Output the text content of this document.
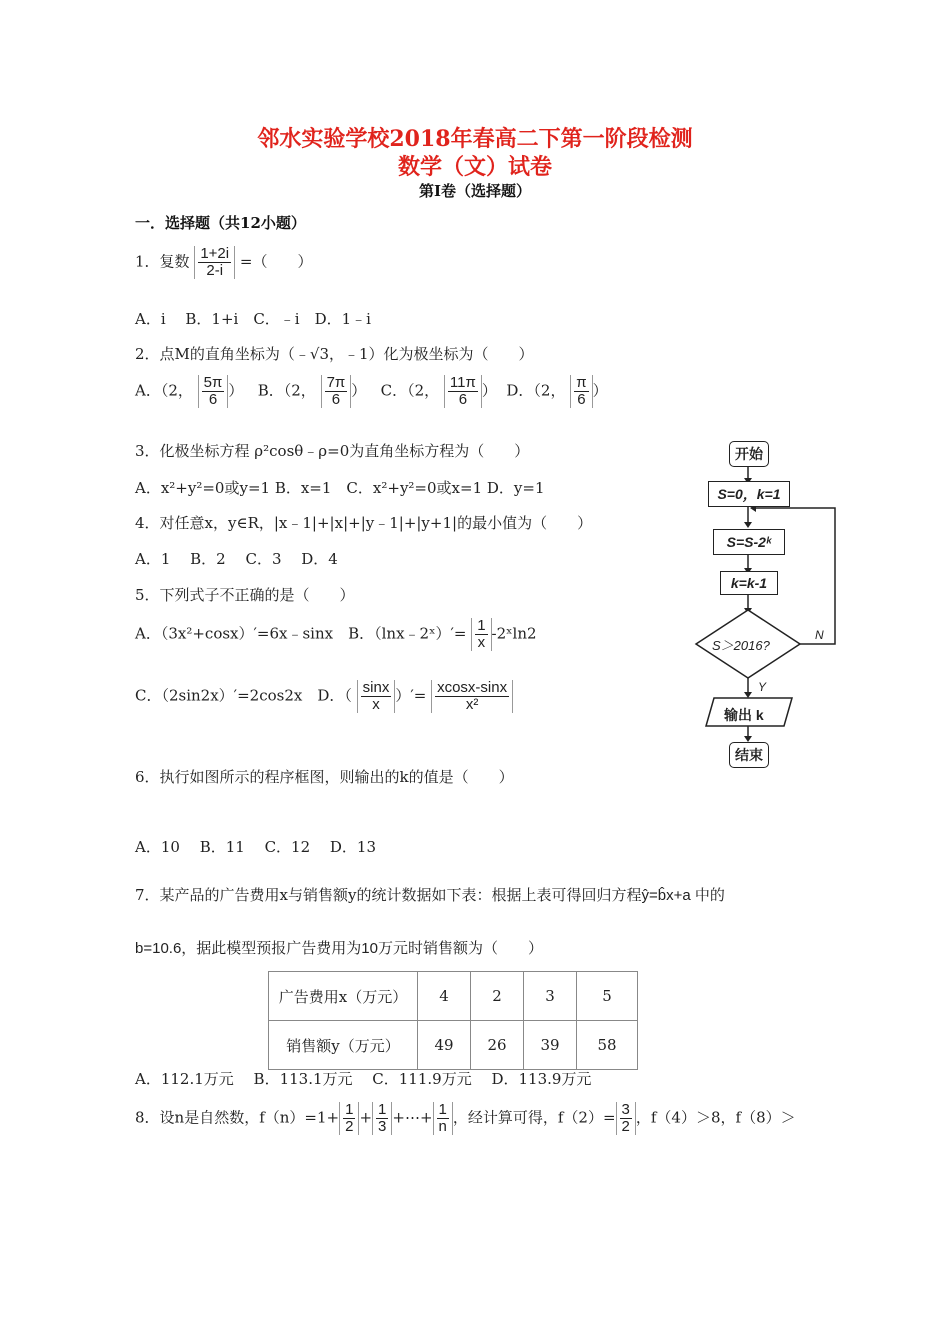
邻水实验学校2018年春高二下第一阶段检测
数学（文）试卷
第Ⅰ卷（选择题）
一．选择题（共12小题）
1．复数 $\frac{1+2i}{2-i}$ =（　　）
A．i　 B．1+i　C．﹣i　D．1﹣i
2．点M的直角坐标为（﹣√3，﹣1）化为极坐标为（　　）
A．（2， $\frac{5\pi}{6}$ ） B．（2， $\frac{7\pi}{6}$ ） C．（2， $\frac{11\pi}{6}$ ） D．（2， $\frac{\pi}{6}$ ）
3．化极坐标方程 ρ²cosθ﹣ρ=0为直角坐标方程为（　　）
A．x²+y²=0或y=1 B．x=1　C．x²+y²=0或x=1 D．y=1
4．对任意x，y∈R，|x﹣1|+|x|+|y﹣1|+|y+1|的最小值为（　　）
A．1　 B．2　 C．3　 D．4
5．下列式子不正确的是（　　）
A．（3x²+cosx）′=6x﹣sinx　B．（lnx﹣2ˣ）′= $\frac{1}{x}$ -2ˣln2
C．（2sin2x）′=2cos2x　D．（ $\frac{\sin x}{x}$ ）′= $\frac{xcosx-\sin x}{\text{x²}}$
6．执行如图所示的程序框图，则输出的k的值是（　　）
A．10　 B．11　 C．12　 D．13
7．某产品的广告费用x与销售额y的统计数据如下表：根据上表可得回归方程ŷ=b̂x+a 中的
b=10.6，据此模型预报广告费用为10万元时销售额为（　　）
广告费用x（万元）	4	2	3	5
销售额y（万元）	49	26	39	58
A．112.1万元　 B．113.1万元　 C．111.9万元　 D．113.9万元
8．设n是自然数，$f(n)=1+ \frac{1}{2} + \frac{1}{3}$ +⋯+ $\frac{1}{n}$ ，经计算可得，$f(2)= \frac{3}{2}$ ，f（4）＞8，f（8）＞
开始
S=0，k=1
S=S-2ᵏ
k=k-1
S＞2016?
N
Y
输出 k
结束
